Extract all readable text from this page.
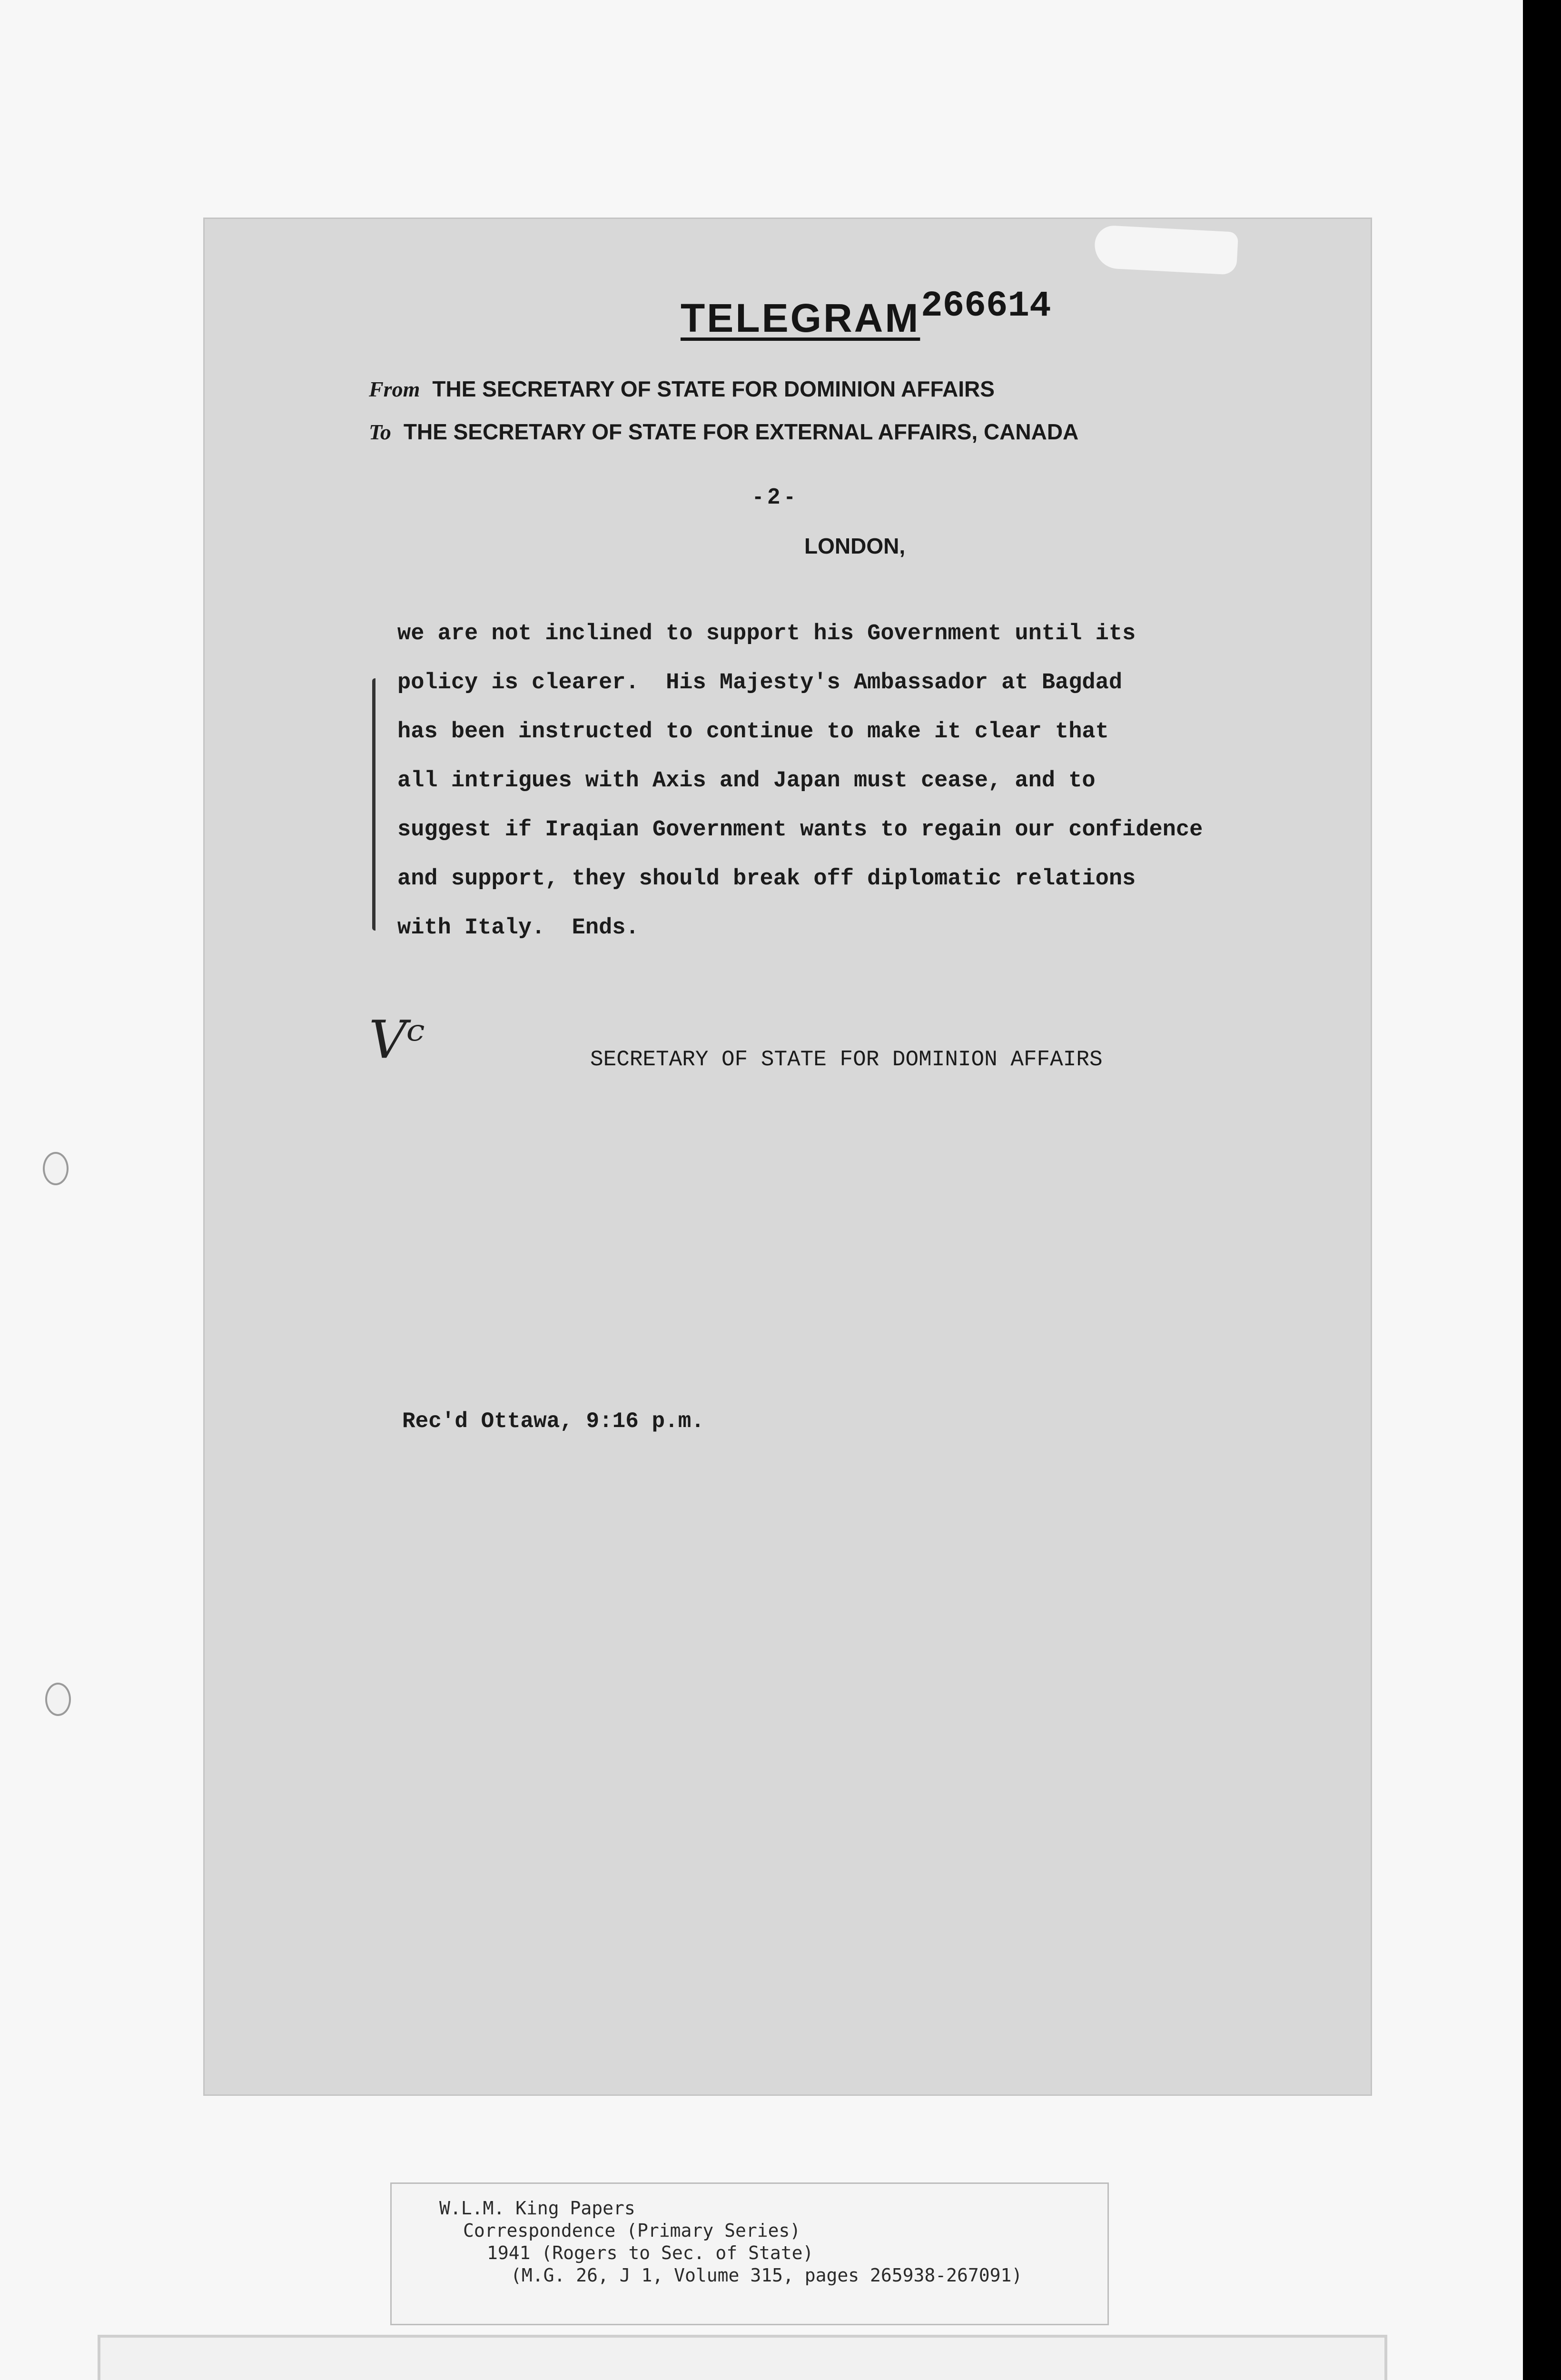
TELEGRAM 266614
From THE SECRETARY OF STATE FOR DOMINION AFFAIRS
To THE SECRETARY OF STATE FOR EXTERNAL AFFAIRS, CANADA
- 2 -
LONDON,
we are not inclined to support his Government until its
policy is clearer.  His Majesty's Ambassador at Bagdad
has been instructed to continue to make it clear that
all intrigues with Axis and Japan must cease, and to
suggest if Iraqian Government wants to regain our confidence
and support, they should break off diplomatic relations
with Italy.  Ends.
Vᶜ	SECRETARY OF STATE FOR DOMINION AFFAIRS
Rec'd Ottawa, 9:16 p.m.
W.L.M. King Papers
Correspondence (Primary Series)
1941 (Rogers to Sec. of State)
(M.G. 26, J 1, Volume 315, pages 265938-267091)
